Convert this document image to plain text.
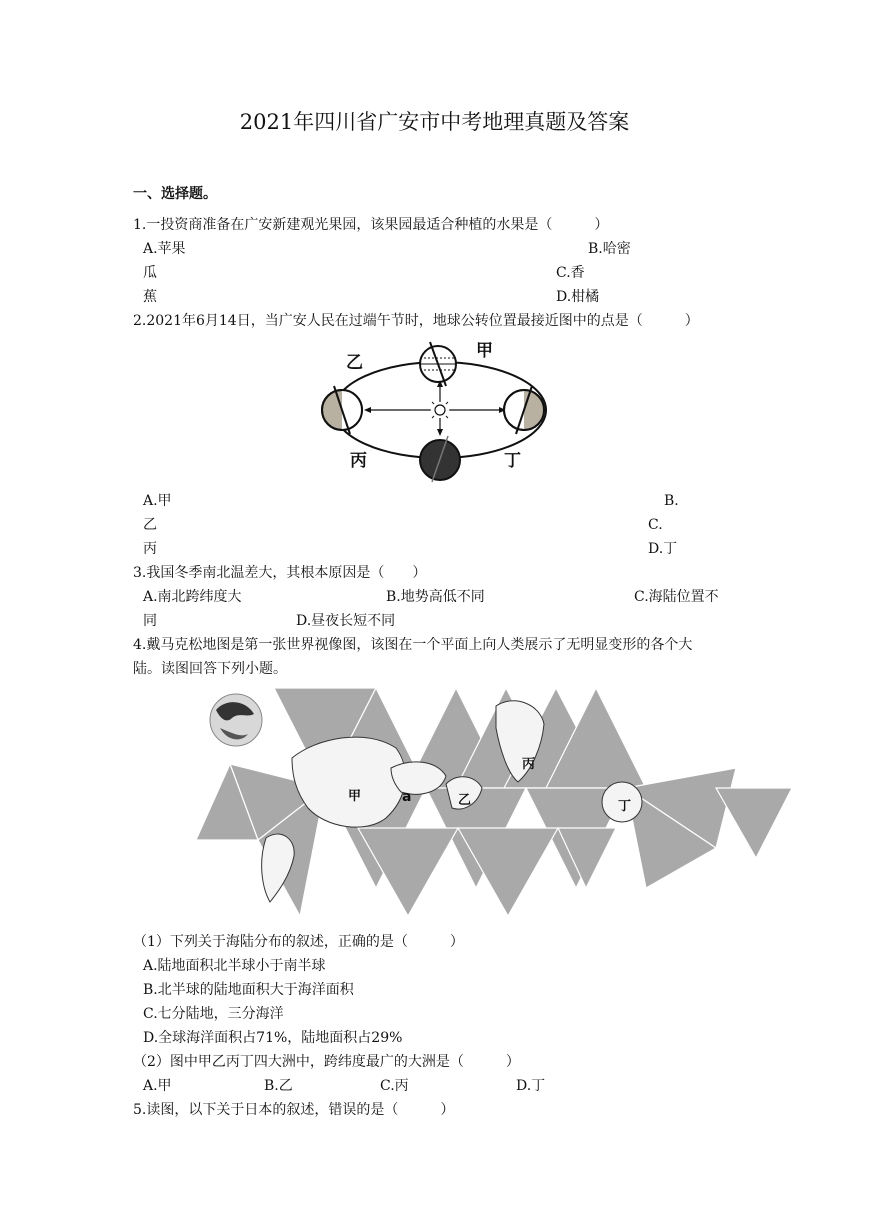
2021年四川省广安市中考地理真题及答案
一、选择题。
1.一投资商准备在广安新建观光果园，该果园最适合种植的水果是（　　　）
A.苹果	B.哈密
瓜	C.香
蕉	D.柑橘
2.2021年6月14日，当广安人民在过端午节时，地球公转位置最接近图中的点是（　　　）
乙
甲
丙	丁
A.甲	B.
乙	C.
丙	D.丁
3.我国冬季南北温差大，其根本原因是（　　）
A.南北跨纬度大	B.地势高低不同	C.海陆位置不
同	D.昼夜长短不同
4.戴马克松地图是第一张世界视像图，该图在一个平面上向人类展示了无明显变形的各个大
陆。读图回答下列小题。
甲	a	乙
丙
丁
（1）下列关于海陆分布的叙述，正确的是（　　　）
A.陆地面积北半球小于南半球
B.北半球的陆地面积大于海洋面积
C.七分陆地，三分海洋
D.全球海洋面积占71%，陆地面积占29%
（2）图中甲乙丙丁四大洲中，跨纬度最广的大洲是（　　　）
A.甲	B.乙	C.丙	D.丁
5.读图，以下关于日本的叙述，错误的是（　　　）
